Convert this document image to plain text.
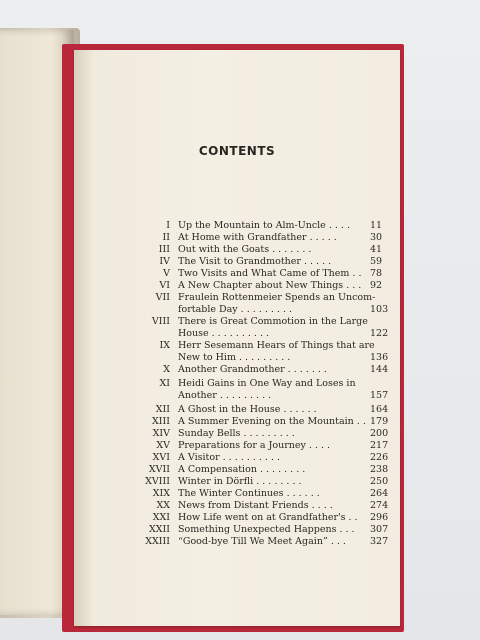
CONTENTS
I Up the Mountain to Alm-Uncle . . . . 11
II At Home with Grandfather . . . . .	30
III Out with the Goats . . . . . . .	41
IV The Visit to Grandmother . . . . .	59
V Two Visits and What Came of Them . . 78
VI A New Chapter about New Things . . . 92
VII Fraulein Rottenmeier Spends an Uncom-
fortable Day . . . . . . . . .	103
VIII There is Great Commotion in the Large
House . . . . . . . . . .	122
IX Herr Sesemann Hears of Things that are
New to Him . . . . . . . . .	136
X Another Grandmother . . . . . . .	144
XI Heidi Gains in One Way and Loses in
Another . . . . . . . . .	157
XII A Ghost in the House . . . . . .	164
XIII A Summer Evening on the Mountain . . 179
XIV Sunday Bells . . . . . . . . .	200
XV Preparations for a Journey . . . .	217
XVI A Visitor . . . . . . . . . .	226
XVII A Compensation . . . . . . . .	238
XVIII Winter in Dörfli . . . . . . . .	250
XIX The Winter Continues . . . . . .	264
XX News from Distant Friends . . . .	274
XXI How Life went on at Grandfather's . . 296
XXII Something Unexpected Happens . . . 307
XXIII “Good-bye Till We Meet Again” . . .	327
